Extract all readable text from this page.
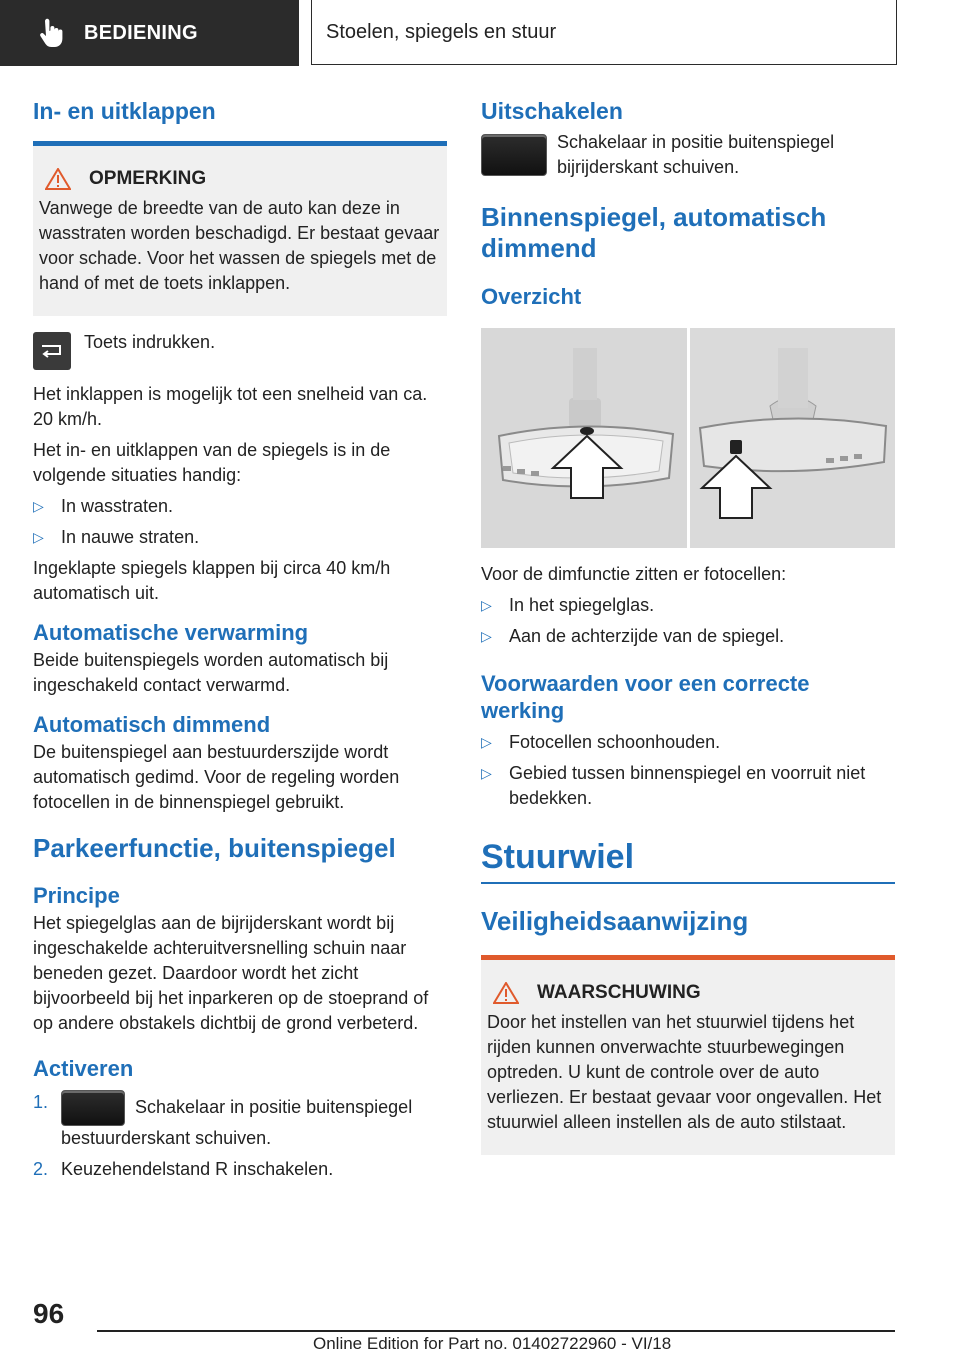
BEDIENING	Stoelen, spiegels en stuur
In- en uitklappen
OPMERKING

Vanwege de breedte van de auto kan deze in wasstraten worden beschadigd. Er bestaat gevaar voor schade. Voor het wassen de spiegels met de hand of met de toets inklappen.

Toets indrukken.

Het inklappen is mogelijk tot een snelheid van ca. 20 km/h.

Het in- en uitklappen van de spiegels is in de volgende situaties handig:

▷ In wasstraten.
▷ In nauwe straten.

Ingeklapte spiegels klappen bij circa 40 km/h automatisch uit.

Automatische verwarming

Beide buitenspiegels worden automatisch bij ingeschakeld contact verwarmd.

Automatisch dimmend

De buitenspiegel aan bestuurderszijde wordt automatisch gedimd. Voor de regeling worden fotocellen in de binnenspiegel gebruikt.

Parkeerfunctie, buitenspiegel
Principe

Het spiegelglas aan de bijrijderskant wordt bij ingeschakelde achteruitversnelling schuin naar beneden gezet. Daardoor wordt het zicht bijvoorbeeld bij het inparkeren op de stoeprand of op andere obstakels dichtbij de grond verbeterd.

Activeren
1.	Schakelaar in positie buitenspiegel bestuurderskant schuiven.
2. Keuzehendelstand R inschakelen.
Uitschakelen

Schakelaar in positie buitenspiegel bijrijderskant schuiven.

Binnenspiegel, automatisch dimmend
Overzicht

Voor de dimfunctie zitten er fotocellen:

▷ In het spiegelglas.
▷ Aan de achterzijde van de spiegel.
Voorwaarden voor een correcte werking
▷ Fotocellen schoonhouden.
▷ Gebied tussen binnenspiegel en voorruit niet bedekken.
Stuurwiel
Veiligheidsaanwijzing
WAARSCHUWING

Door het instellen van het stuurwiel tijdens het rijden kunnen onverwachte stuurbewegingen optreden. U kunt de controle over de auto verliezen. Er bestaat gevaar voor ongevallen. Het stuurwiel alleen instellen als de auto stilstaat.

96
Online Edition for Part no. 01402722960 - VI/18
